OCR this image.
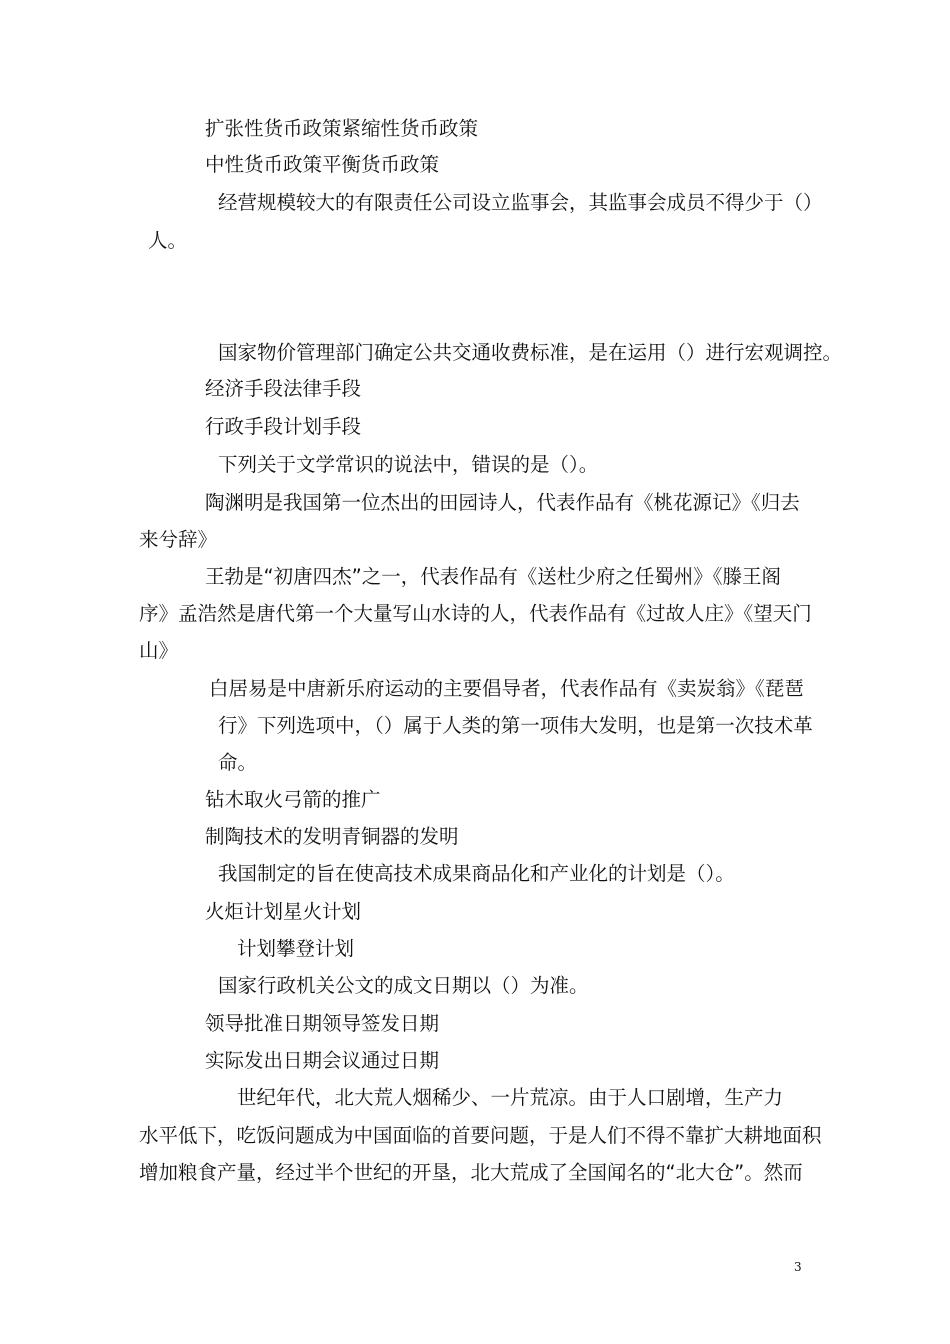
扩张性货币政策紧缩性货币政策

中性货币政策平衡货币政策

经营规模较大的有限责任公司设立监事会，其监事会成员不得少于（）

人。

国家物价管理部门确定公共交通收费标准，是在运用（）进行宏观调控。

经济手段法律手段

行政手段计划手段

下列关于文学常识的说法中，错误的是（）。

陶渊明是我国第一位杰出的田园诗人，代表作品有《桃花源记》《归去

来兮辞》

王勃是“初唐四杰”之一，代表作品有《送杜少府之任蜀州》《滕王阁

序》孟浩然是唐代第一个大量写山水诗的人，代表作品有《过故人庄》《望天门

山》

白居易是中唐新乐府运动的主要倡导者，代表作品有《卖炭翁》《琵琶

行》下列选项中，（）属于人类的第一项伟大发明，也是第一次技术革

命。

钻木取火弓箭的推广

制陶技术的发明青铜器的发明

我国制定的旨在使高技术成果商品化和产业化的计划是（）。

火炬计划星火计划

计划攀登计划

国家行政机关公文的成文日期以（）为准。

领导批准日期领导签发日期

实际发出日期会议通过日期

世纪年代，北大荒人烟稀少、一片荒凉。由于人口剧增，生产力

水平低下，吃饭问题成为中国面临的首要问题，于是人们不得不靠扩大耕地面积

增加粮食产量，经过半个世纪的开垦，北大荒成了全国闻名的“北大仓”。然而

3
